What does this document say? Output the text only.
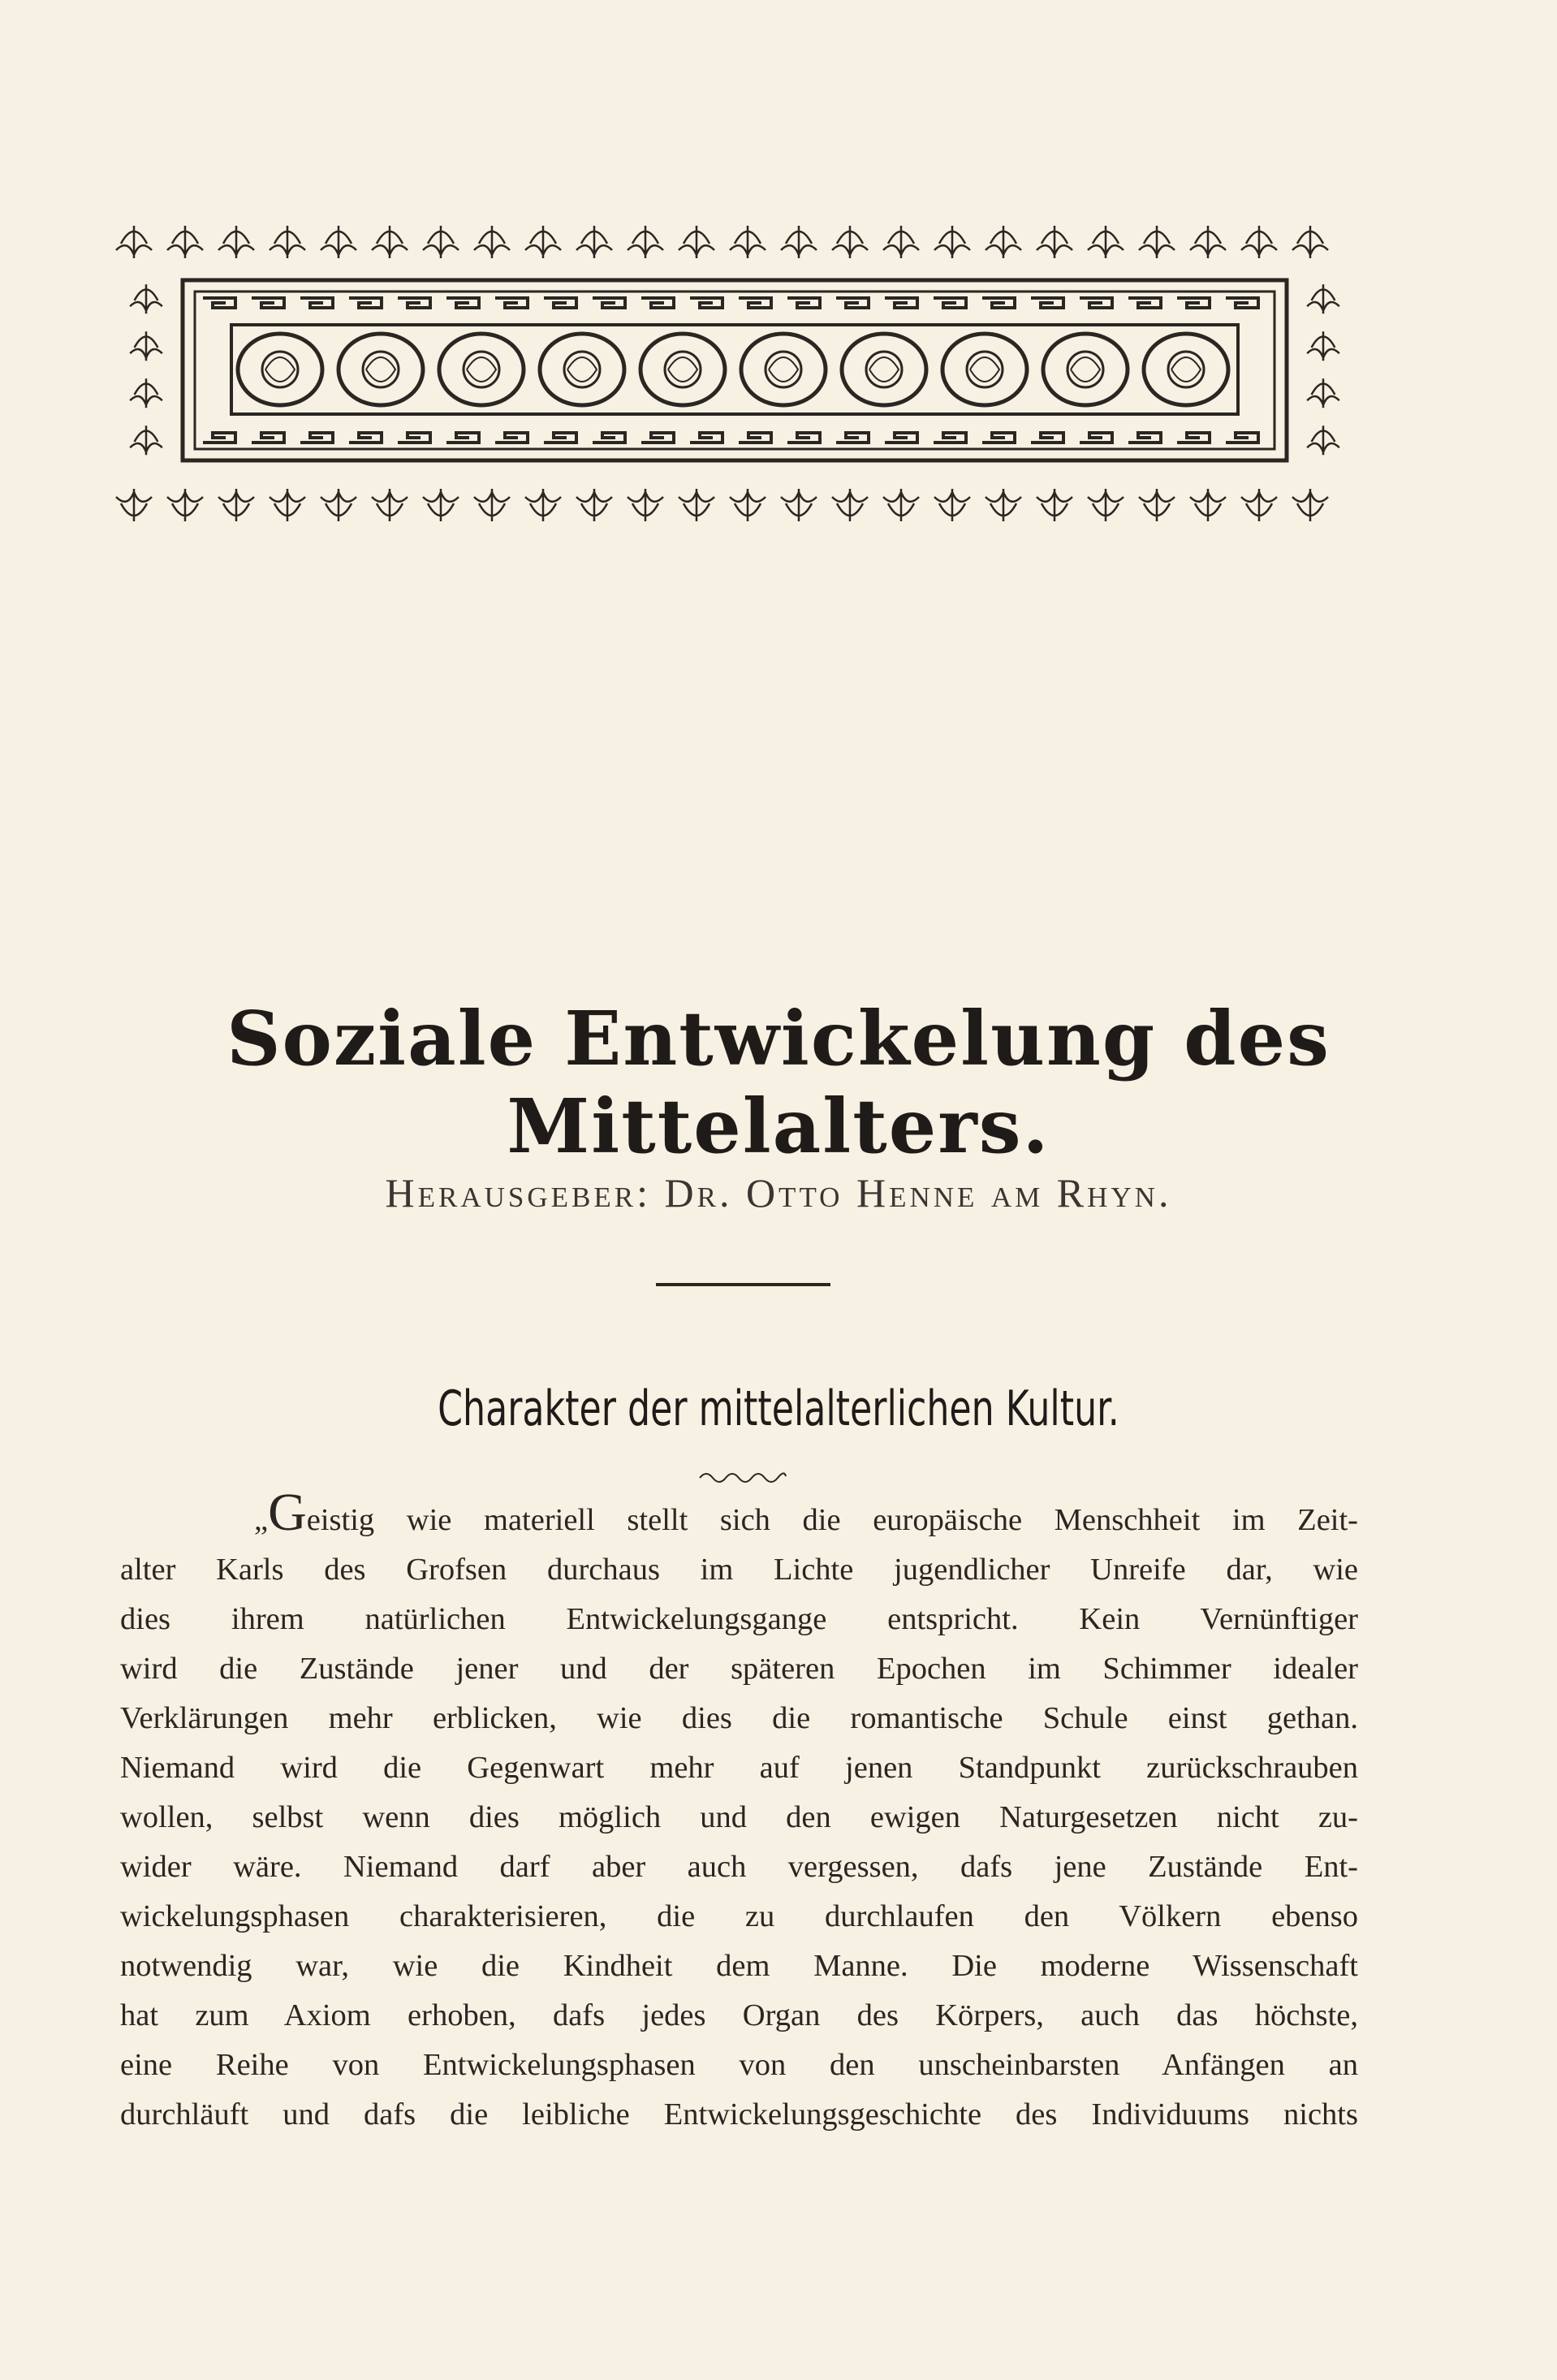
Soziale Entwickelung des Mittelalters.
Herausgeber: Dr. Otto Henne am Rhyn.
Charakter der mittelalterlichen Kultur.
„Geistig wie materiell stellt sich die europäische Menschheit im Zeit-
alter Karls des Grofsen durchaus im Lichte jugendlicher Unreife dar, wie
dies ihrem natürlichen Entwickelungsgange entspricht. Kein Vernünftiger
wird die Zustände jener und der späteren Epochen im Schimmer idealer
Verklärungen mehr erblicken, wie dies die romantische Schule einst gethan.
Niemand wird die Gegenwart mehr auf jenen Standpunkt zurückschrauben
wollen, selbst wenn dies möglich und den ewigen Naturgesetzen nicht zu-
wider wäre. Niemand darf aber auch vergessen, dafs jene Zustände Ent-
wickelungsphasen charakterisieren, die zu durchlaufen den Völkern ebenso
notwendig war, wie die Kindheit dem Manne. Die moderne Wissenschaft
hat zum Axiom erhoben, dafs jedes Organ des Körpers, auch das höchste,
eine Reihe von Entwickelungsphasen von den unscheinbarsten Anfängen an
durchläuft und dafs die leibliche Entwickelungsgeschichte des Individuums nichts
